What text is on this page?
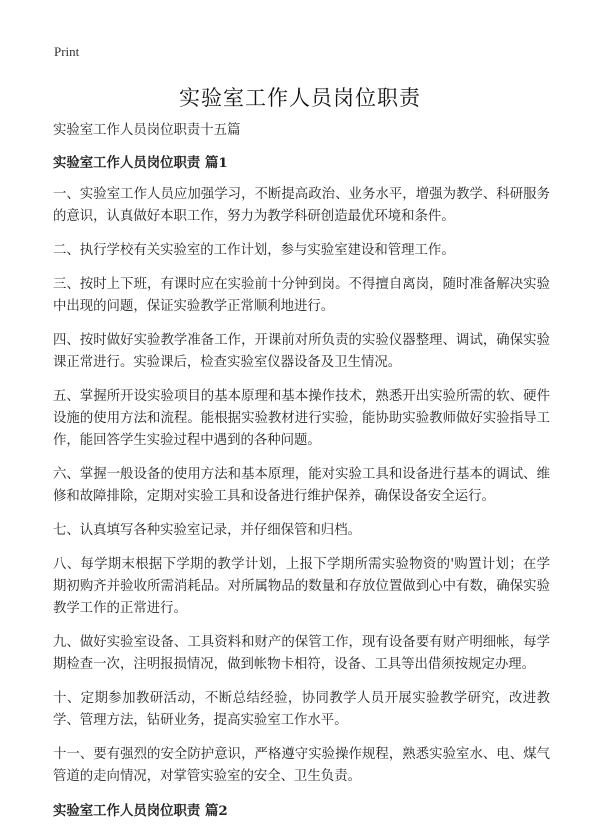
Print
实验室工作人员岗位职责

实验室工作人员岗位职责十五篇

实验室工作人员岗位职责 篇1

一、实验室工作人员应加强学习，不断提高政治、业务水平，增强为教学、科研服务的意识，认真做好本职工作，努力为教学科研创造最优环境和条件。

二、执行学校有关实验室的工作计划，参与实验室建设和管理工作。

三、按时上下班，有课时应在实验前十分钟到岗。不得擅自离岗，随时准备解决实验中出现的问题，保证实验教学正常顺利地进行。

四、按时做好实验教学准备工作，开课前对所负责的实验仪器整理、调试，确保实验课正常进行。实验课后，检查实验室仪器设备及卫生情况。

五、掌握所开设实验项目的基本原理和基本操作技术，熟悉开出实验所需的软、硬件设施的使用方法和流程。能根据实验教材进行实验，能协助实验教师做好实验指导工作，能回答学生实验过程中遇到的各种问题。

六、掌握一般设备的使用方法和基本原理，能对实验工具和设备进行基本的调试、维修和故障排除，定期对实验工具和设备进行维护保养，确保设备安全运行。

七、认真填写各种实验室记录，并仔细保管和归档。

八、每学期末根据下学期的教学计划，上报下学期所需实验物资的'购置计划；在学期初购齐并验收所需消耗品。对所属物品的数量和存放位置做到心中有数，确保实验教学工作的正常进行。

九、做好实验室设备、工具资料和财产的保管工作，现有设备要有财产明细帐，每学期检查一次，注明报损情况，做到帐物卡相符，设备、工具等出借须按规定办理。

十、定期参加教研活动，不断总结经验，协同教学人员开展实验教学研究，改进教学、管理方法，钻研业务，提高实验室工作水平。

十一、要有强烈的安全防护意识，严格遵守实验操作规程，熟悉实验室水、电、煤气管道的走向情况，对掌管实验室的安全、卫生负责。

实验室工作人员岗位职责 篇2
